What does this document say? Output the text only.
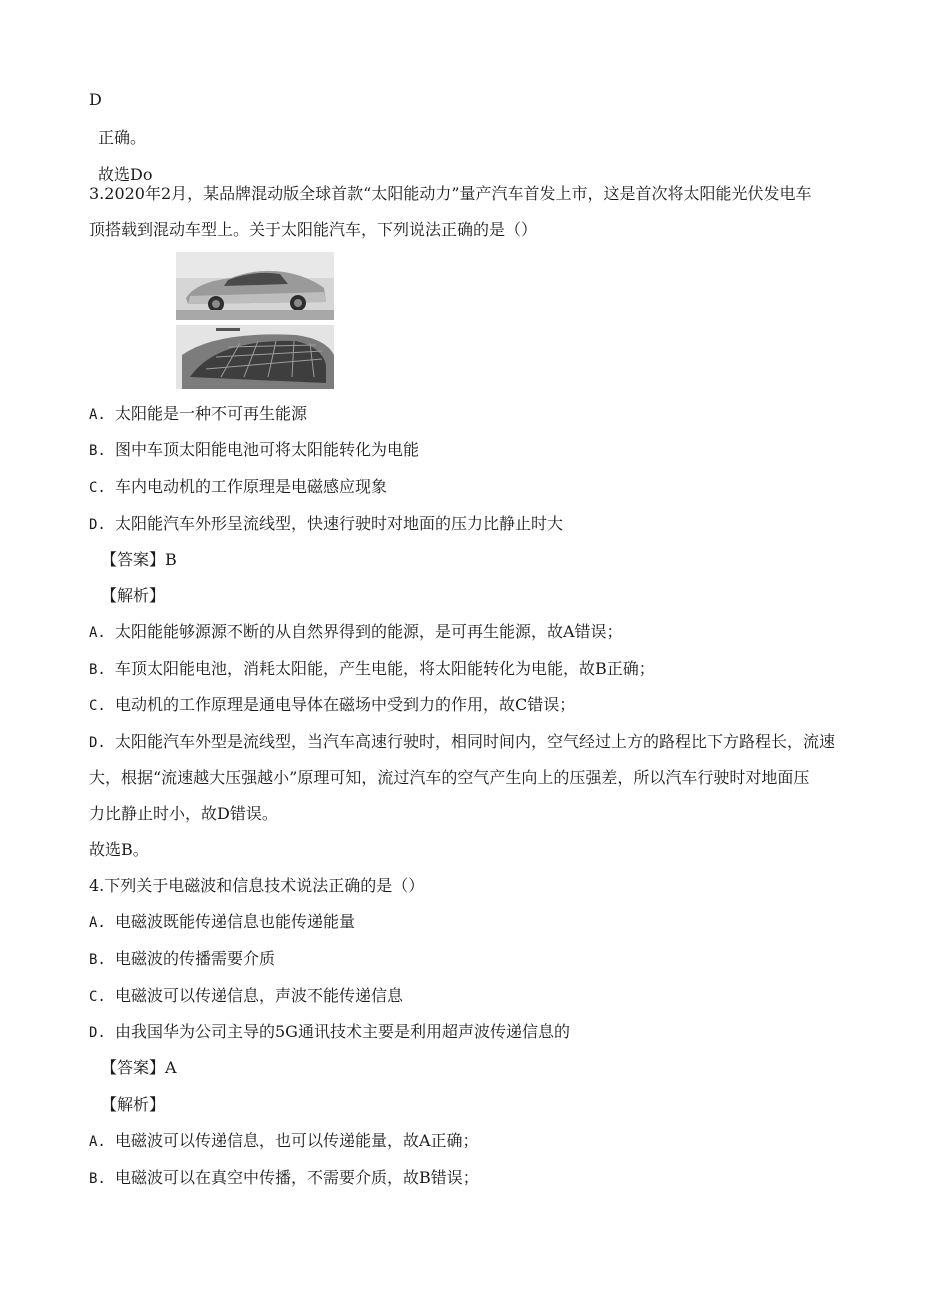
D
正确。
故选Do
3.2020年2月，某品牌混动版全球首款“太阳能动力”量产汽车首发上市，这是首次将太阳能光伏发电车
顶搭载到混动车型上。关于太阳能汽车，下列说法正确的是（）
A. 太阳能是一种不可再生能源
B. 图中车顶太阳能电池可将太阳能转化为电能
C. 车内电动机的工作原理是电磁感应现象
D. 太阳能汽车外形呈流线型，快速行驶时对地面的压力比静止时大
【答案】B
【解析】
A. 太阳能能够源源不断的从自然界得到的能源，是可再生能源，故A错误；
B. 车顶太阳能电池，消耗太阳能，产生电能，将太阳能转化为电能，故B正确；
C. 电动机的工作原理是通电导体在磁场中受到力的作用，故C错误；
D. 太阳能汽车外型是流线型，当汽车高速行驶时，相同时间内，空气经过上方的路程比下方路程长，流速
大，根据“流速越大压强越小”原理可知，流过汽车的空气产生向上的压强差，所以汽车行驶时对地面压
力比静止时小，故D错误。
故选B。
4.下列关于电磁波和信息技术说法正确的是（）
A. 电磁波既能传递信息也能传递能量
B. 电磁波的传播需要介质
C. 电磁波可以传递信息，声波不能传递信息
D. 由我国华为公司主导的5G通讯技术主要是利用超声波传递信息的
【答案】A
【解析】
A. 电磁波可以传递信息，也可以传递能量，故A正确；
B. 电磁波可以在真空中传播，不需要介质，故B错误；
